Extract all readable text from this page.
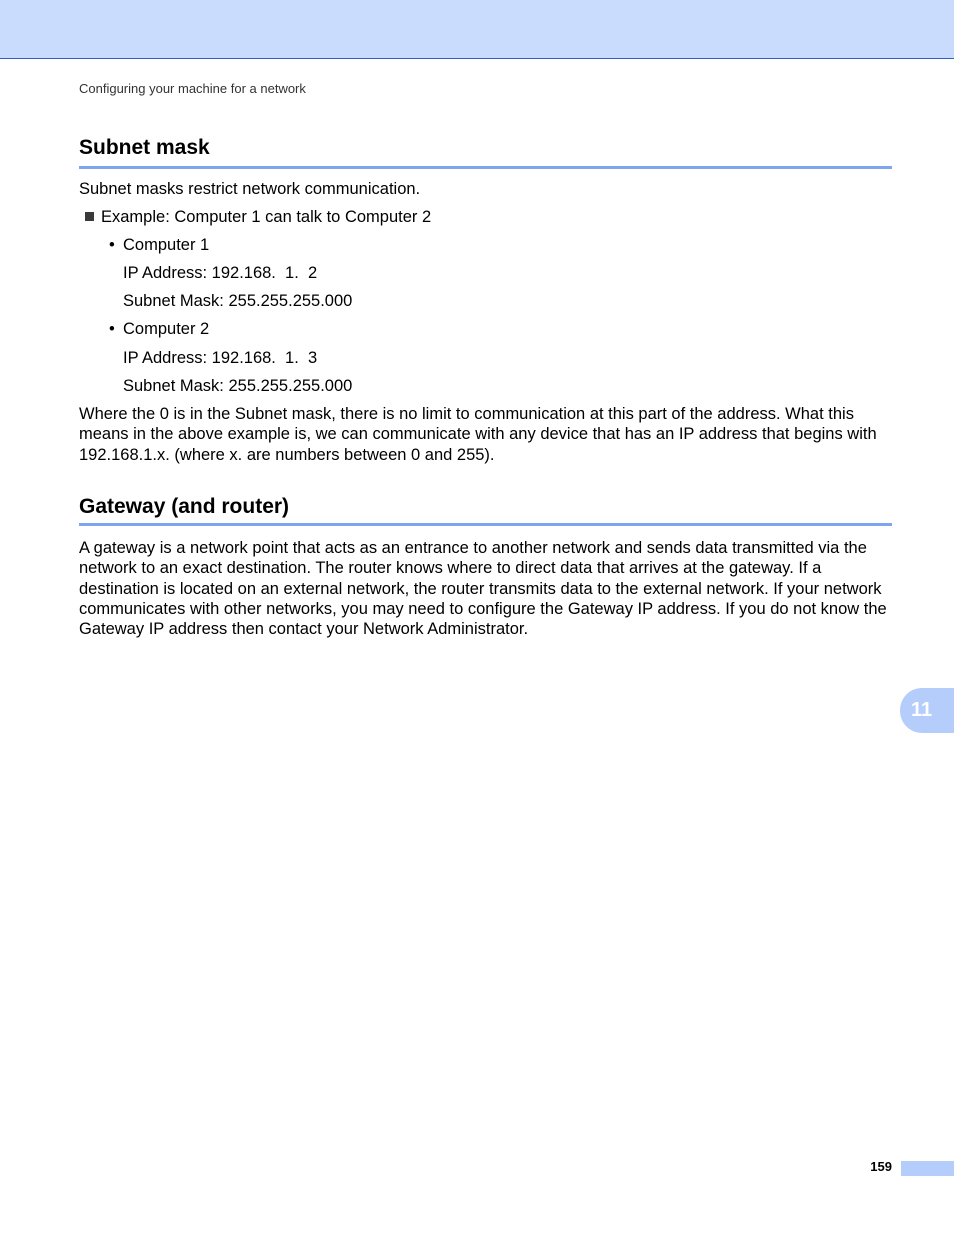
Configuring your machine for a network
Subnet mask
Subnet masks restrict network communication.
Example: Computer 1 can talk to Computer 2
• Computer 1
IP Address: 192.168.  1.  2
Subnet Mask: 255.255.255.000
• Computer 2
IP Address: 192.168.  1.  3
Subnet Mask: 255.255.255.000
Where the 0 is in the Subnet mask, there is no limit to communication at this part of the address. What this means in the above example is, we can communicate with any device that has an IP address that begins with 192.168.1.x. (where x. are numbers between 0 and 255).
Gateway (and router)
A gateway is a network point that acts as an entrance to another network and sends data transmitted via the network to an exact destination. The router knows where to direct data that arrives at the gateway. If a destination is located on an external network, the router transmits data to the external network. If your network communicates with other networks, you may need to configure the Gateway IP address. If you do not know the Gateway IP address then contact your Network Administrator.
11
159
